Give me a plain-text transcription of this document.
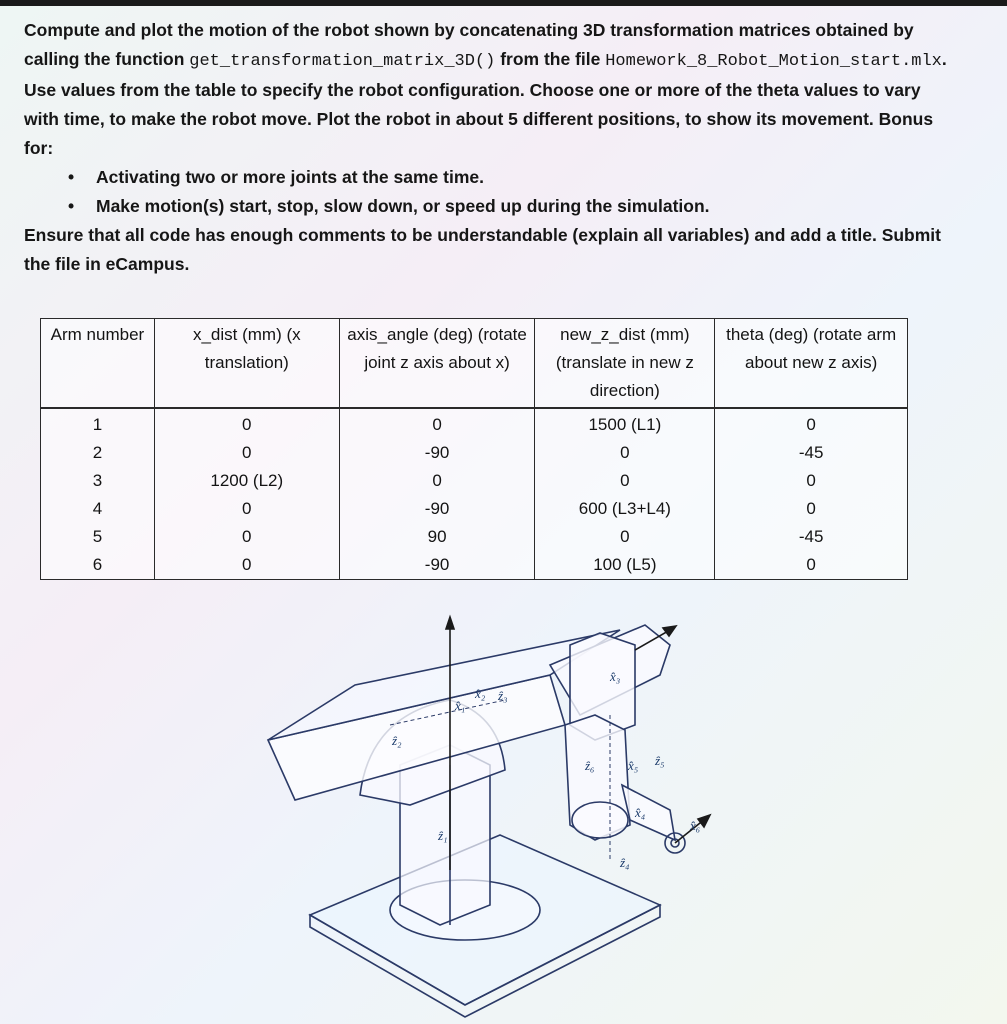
Compute and plot the motion of the robot shown by concatenating 3D transformation matrices obtained by calling the function get_transformation_matrix_3D() from the file Homework_8_Robot_Motion_start.mlx. Use values from the table to specify the robot configuration. Choose one or more of the theta values to vary with time, to make the robot move. Plot the robot in about 5 different positions, to show its movement. Bonus for:

• Activating two or more joints at the same time.
• Make motion(s) start, stop, slow down, or speed up during the simulation.

Ensure that all code has enough comments to be understandable (explain all variables) and add a title. Submit the file in eCampus.

Arm number	x_dist (mm) (x translation)	axis_angle (deg) (rotate joint z axis about x)	new_z_dist (mm) (translate in new z direction)	theta (deg) (rotate arm about new z axis)
1	0	0	1500 (L1)	0
2	0	-90	0	-45
3	1200 (L2)	0	0	0
4	0	-90	600 (L3+L4)	0
5	0	90	0	-45
6	0	-90	100 (L5)	0
ẑ₁
ẑ₂
ẑ₃
ẑ₄
ẑ₅
ẑ₆
x̂₁
x̂₂
x̂₃
x̂₄
x̂₅
x̂₆
